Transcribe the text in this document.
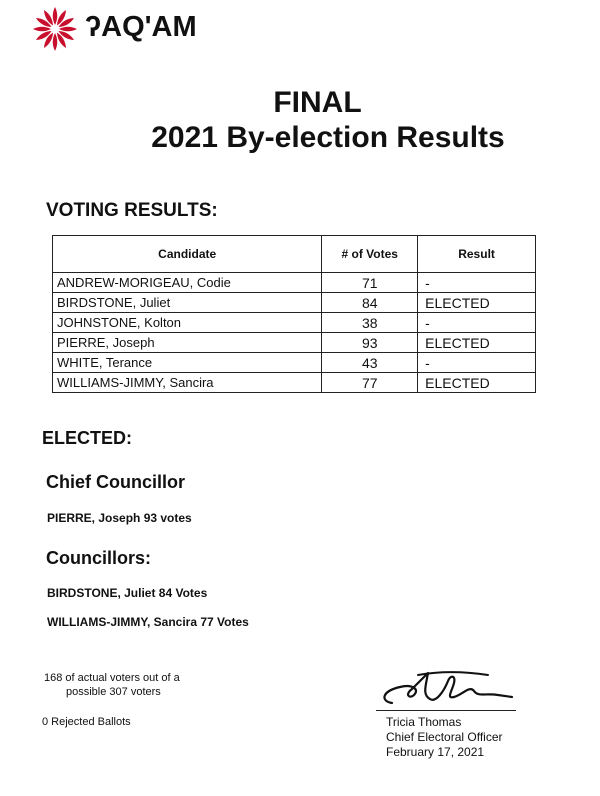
ʔAQ'AM
FINAL
2021 By-election Results
VOTING RESULTS:
Candidate	# of Votes	Result
ANDREW-MORIGEAU, Codie	71	-
BIRDSTONE, Juliet	84	ELECTED
JOHNSTONE, Kolton	38	-
PIERRE, Joseph	93	ELECTED
WHITE, Terance	43	-
WILLIAMS-JIMMY, Sancira	77	ELECTED
ELECTED:
Chief Councillor
PIERRE, Joseph 93 votes
Councillors:
BIRDSTONE, Juliet 84 Votes
WILLIAMS-JIMMY, Sancira 77 Votes
168 of actual voters out of a
possible 307 voters
0 Rejected Ballots	Tricia Thomas
Chief Electoral Officer
February 17, 2021
